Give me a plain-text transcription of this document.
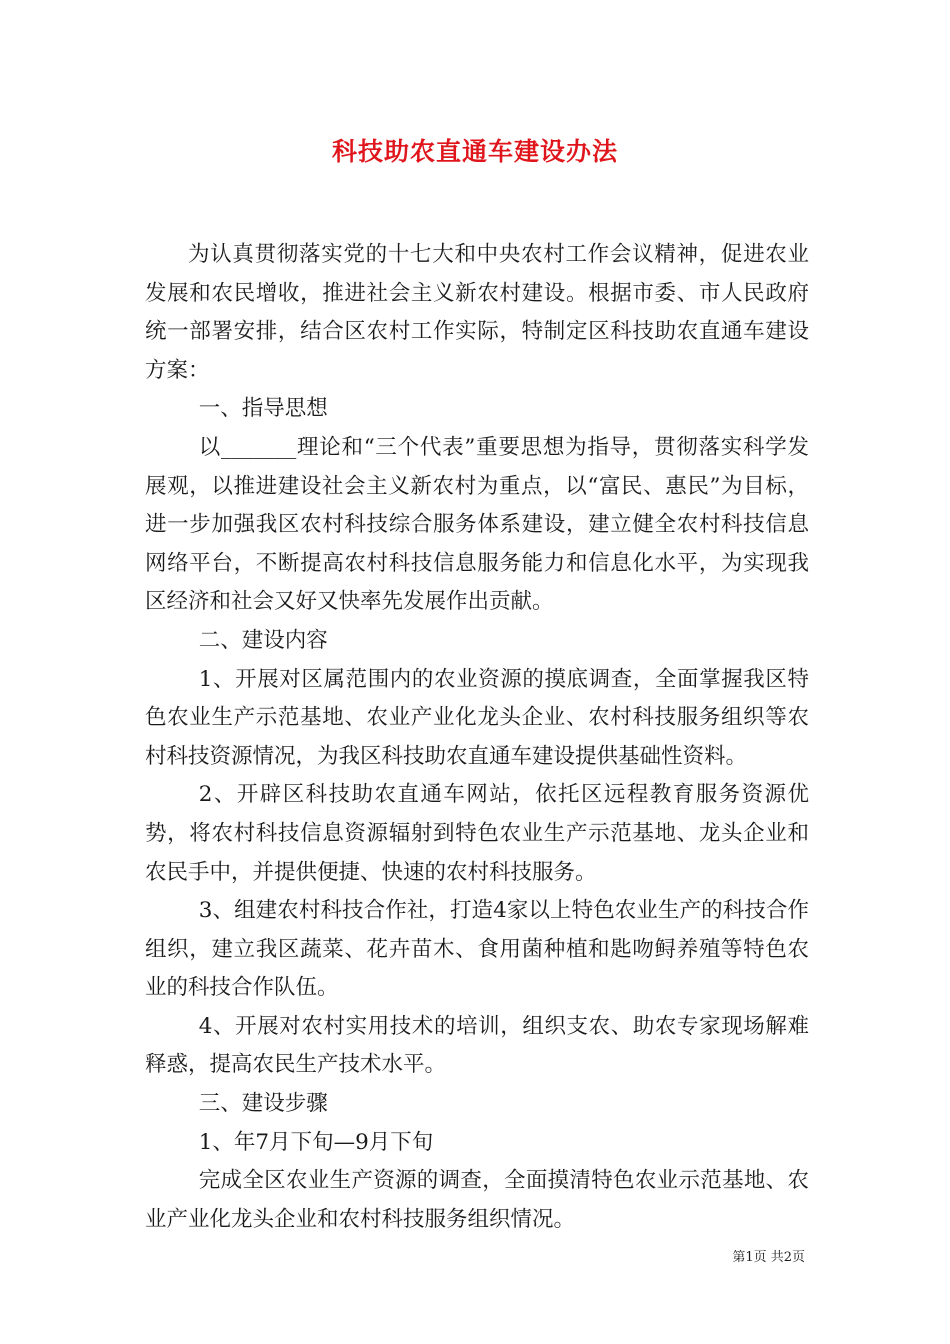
科技助农直通车建设办法

为认真贯彻落实党的十七大和中央农村工作会议精神，促进农业发展和农民增收，推进社会主义新农村建设。根据市委、市人民政府统一部署安排，结合区农村工作实际，特制定区科技助农直通车建设方案：

一、指导思想

以_______理论和“三个代表”重要思想为指导，贯彻落实科学发展观，以推进建设社会主义新农村为重点，以“富民、惠民”为目标，进一步加强我区农村科技综合服务体系建设，建立健全农村科技信息网络平台，不断提高农村科技信息服务能力和信息化水平，为实现我区经济和社会又好又快率先发展作出贡献。

二、建设内容

1、开展对区属范围内的农业资源的摸底调查，全面掌握我区特色农业生产示范基地、农业产业化龙头企业、农村科技服务组织等农村科技资源情况，为我区科技助农直通车建设提供基础性资料。

2、开辟区科技助农直通车网站，依托区远程教育服务资源优势，将农村科技信息资源辐射到特色农业生产示范基地、龙头企业和农民手中，并提供便捷、快速的农村科技服务。

3、组建农村科技合作社，打造4家以上特色农业生产的科技合作组织，建立我区蔬菜、花卉苗木、食用菌种植和匙吻鲟养殖等特色农业的科技合作队伍。

4、开展对农村实用技术的培训，组织支农、助农专家现场解难释惑，提高农民生产技术水平。

三、建设步骤

1、年7月下旬—9月下旬

完成全区农业生产资源的调查，全面摸清特色农业示范基地、农业产业化龙头企业和农村科技服务组织情况。

第1页 共2页
